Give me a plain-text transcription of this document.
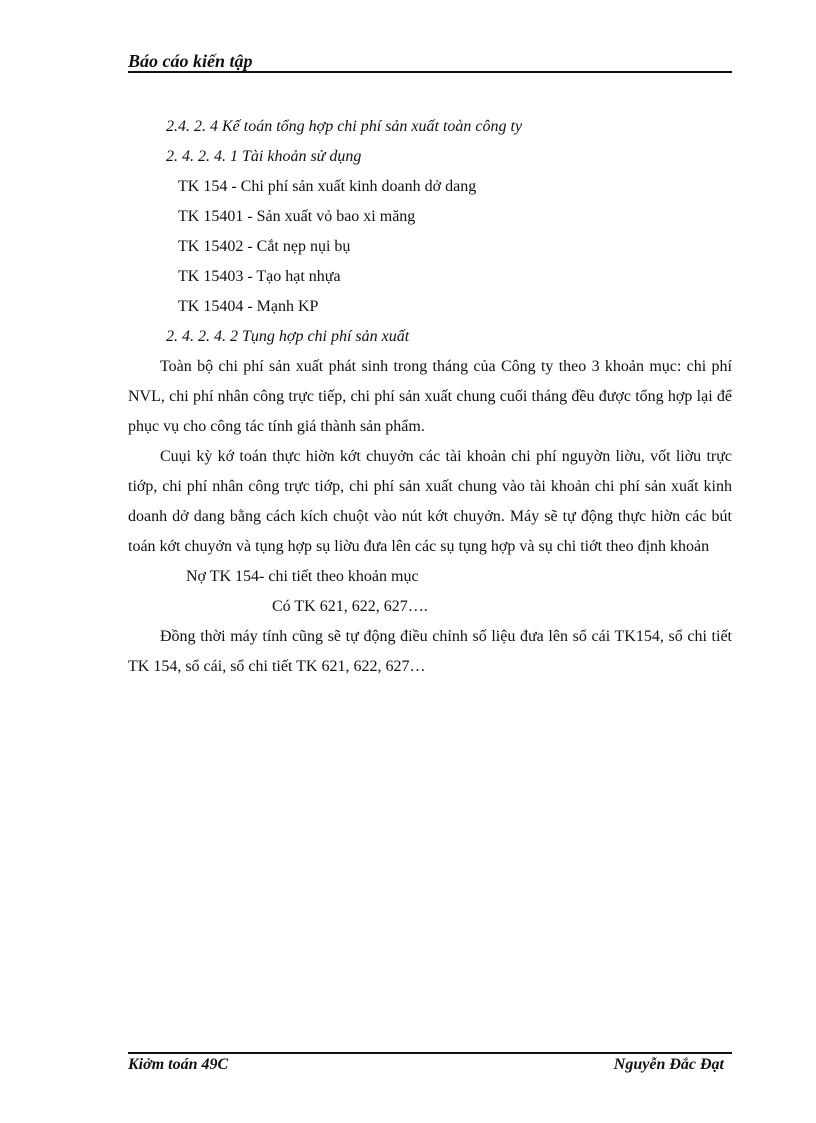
Báo cáo kiến tập
2.4. 2. 4 Kế toán tổng hợp chi phí sản xuất toàn công ty
2. 4. 2. 4. 1 Tài khoản sử dụng
TK 154 - Chi phí sản xuất kinh doanh dở dang
TK 15401 - Sản xuất vỏ bao xi măng
TK 15402 - Cắt nẹp nụi bụ
TK 15403 - Tạo hạt nhựa
TK 15404 - Mạnh KP
2. 4. 2. 4. 2 Tụng hợp chi phí sản xuất

Toàn bộ chi phí sản xuất phát sinh trong tháng của Công ty theo 3 khoản mục: chi phí NVL, chi phí nhân công trực tiếp, chi phí sản xuất chung cuối tháng đều được tổng hợp lại để phục vụ cho công tác tính giá thành sản phẩm.

Cuụi kỳ kớ toán thực hiờn kớt chuyởn các tài khoản chi phí nguyờn liờu, vốt liờu trực tiớp, chi phí nhân công trực tiớp, chi phí sản xuất chung vào tài khoản chi phí sản xuất kinh doanh dở dang bằng cách kích chuột vào nút kớt chuyởn. Máy sẽ tự động thực hiờn các bút toán kớt chuyởn và tụng hợp sụ liờu đưa lên các sụ tụng hợp và sụ chi tiớt theo định khoản

Nợ TK 154- chi tiết theo khoản mục
Có TK 621, 622, 627….

Đồng thời máy tính cũng sẽ tự động điều chỉnh số liệu đưa lên sổ cái TK154, sổ chi tiết TK 154, sổ cái, sổ chi tiết TK 621, 622, 627…

Kiởm toán 49C	Nguyễn Đắc Đạt
